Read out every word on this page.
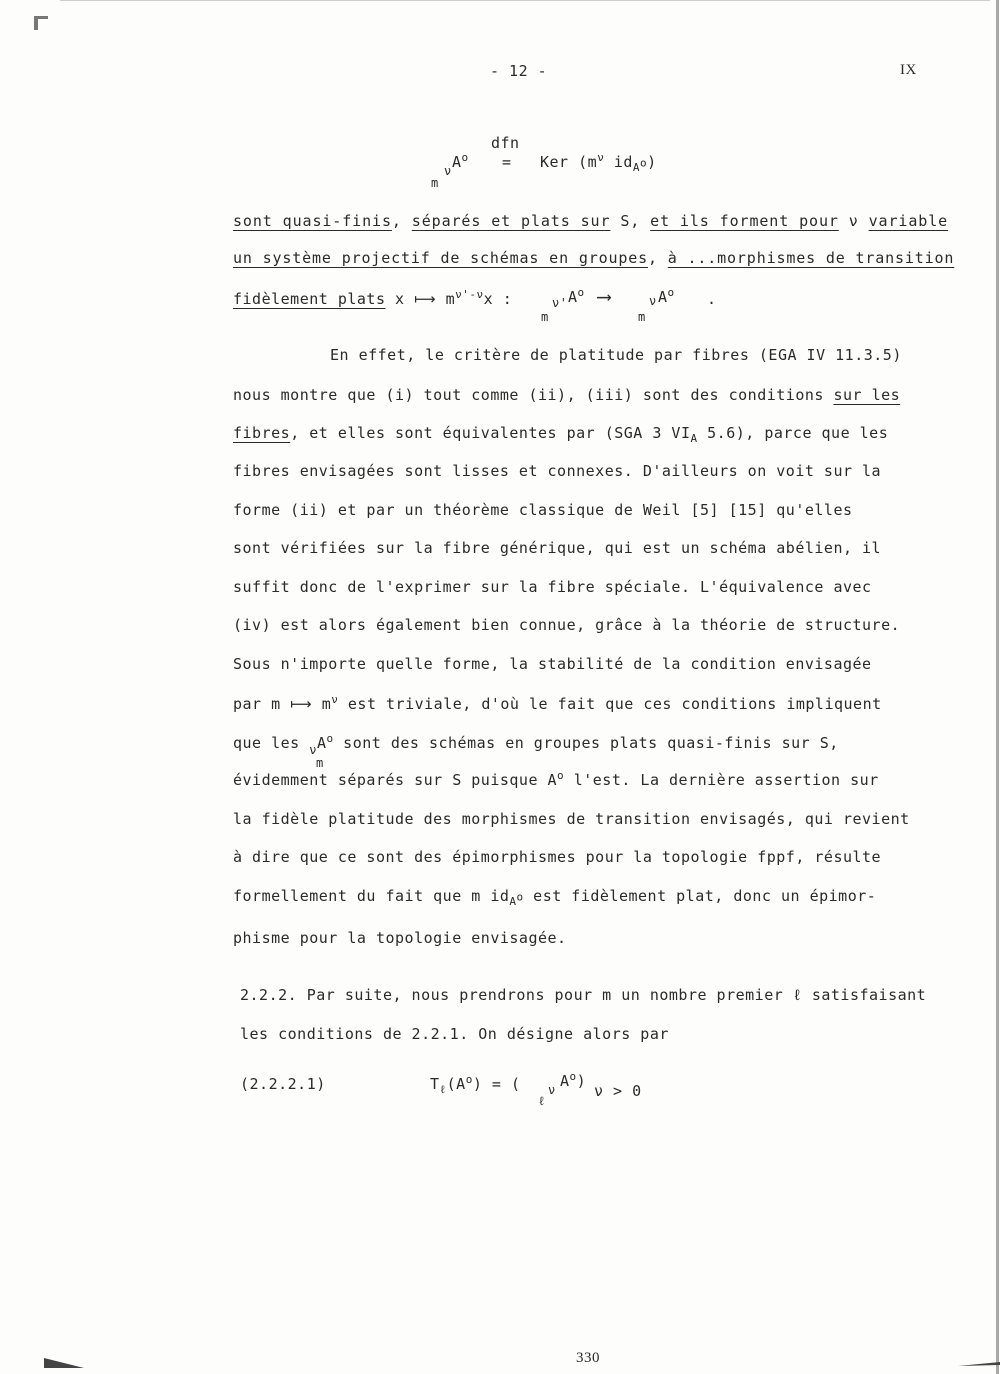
- 12 -	IX
dfn
ν $A^o$
m
= Ker ($m^\nu$ $id_{A^o}$)
sont quasi-finis, séparés et plats sur S, et ils forment pour ν variable
un système projectif de schémas en groupes, à ...morphismes de transition
fidèlement plats x ⟼ $m^{\nu'-\nu}x$ :	ν' $A^o$
m
⟶	ν $A^o$
m
.
En effet, le critère de platitude par fibres (EGA IV 11.3.5)
nous montre que (i) tout comme (ii), (iii) sont des conditions sur les
fibres, et elles sont équivalentes par (SGA 3 $VI_A$ 5.6), parce que les
fibres envisagées sont lisses et connexes. D'ailleurs on voit sur la
forme (ii) et par un théorème classique de Weil [5] [15] qu'elles
sont vérifiées sur la fibre générique, qui est un schéma abélien, il
suffit donc de l'exprimer sur la fibre spéciale. L'équivalence avec
(iv) est alors également bien connue, grâce à la théorie de structure.
Sous n'importe quelle forme, la stabilité de la condition envisagée
par m ⟼ $m^\nu$ est triviale, d'où le fait que ces conditions impliquent
que les $_\nu A^o$ sont des schémas en groupes plats quasi-finis sur S,
m
évidemment séparés sur S puisque $A^o$ l'est. La dernière assertion sur
la fidèle platitude des morphismes de transition envisagés, qui revient
à dire que ce sont des épimorphismes pour la topologie fppf, résulte
formellement du fait que m $id_{A^o}$ est fidèlement plat, donc un épimor-
phisme pour la topologie envisagée.
2.2.2. Par suite, nous prendrons pour m un nombre premier ℓ satisfaisant
les conditions de 2.2.1. On désigne alors par
(2.2.2.1)	$T_\ell(A^o)$ = ( ν
ℓ
$A^o$)
ν > 0
330
